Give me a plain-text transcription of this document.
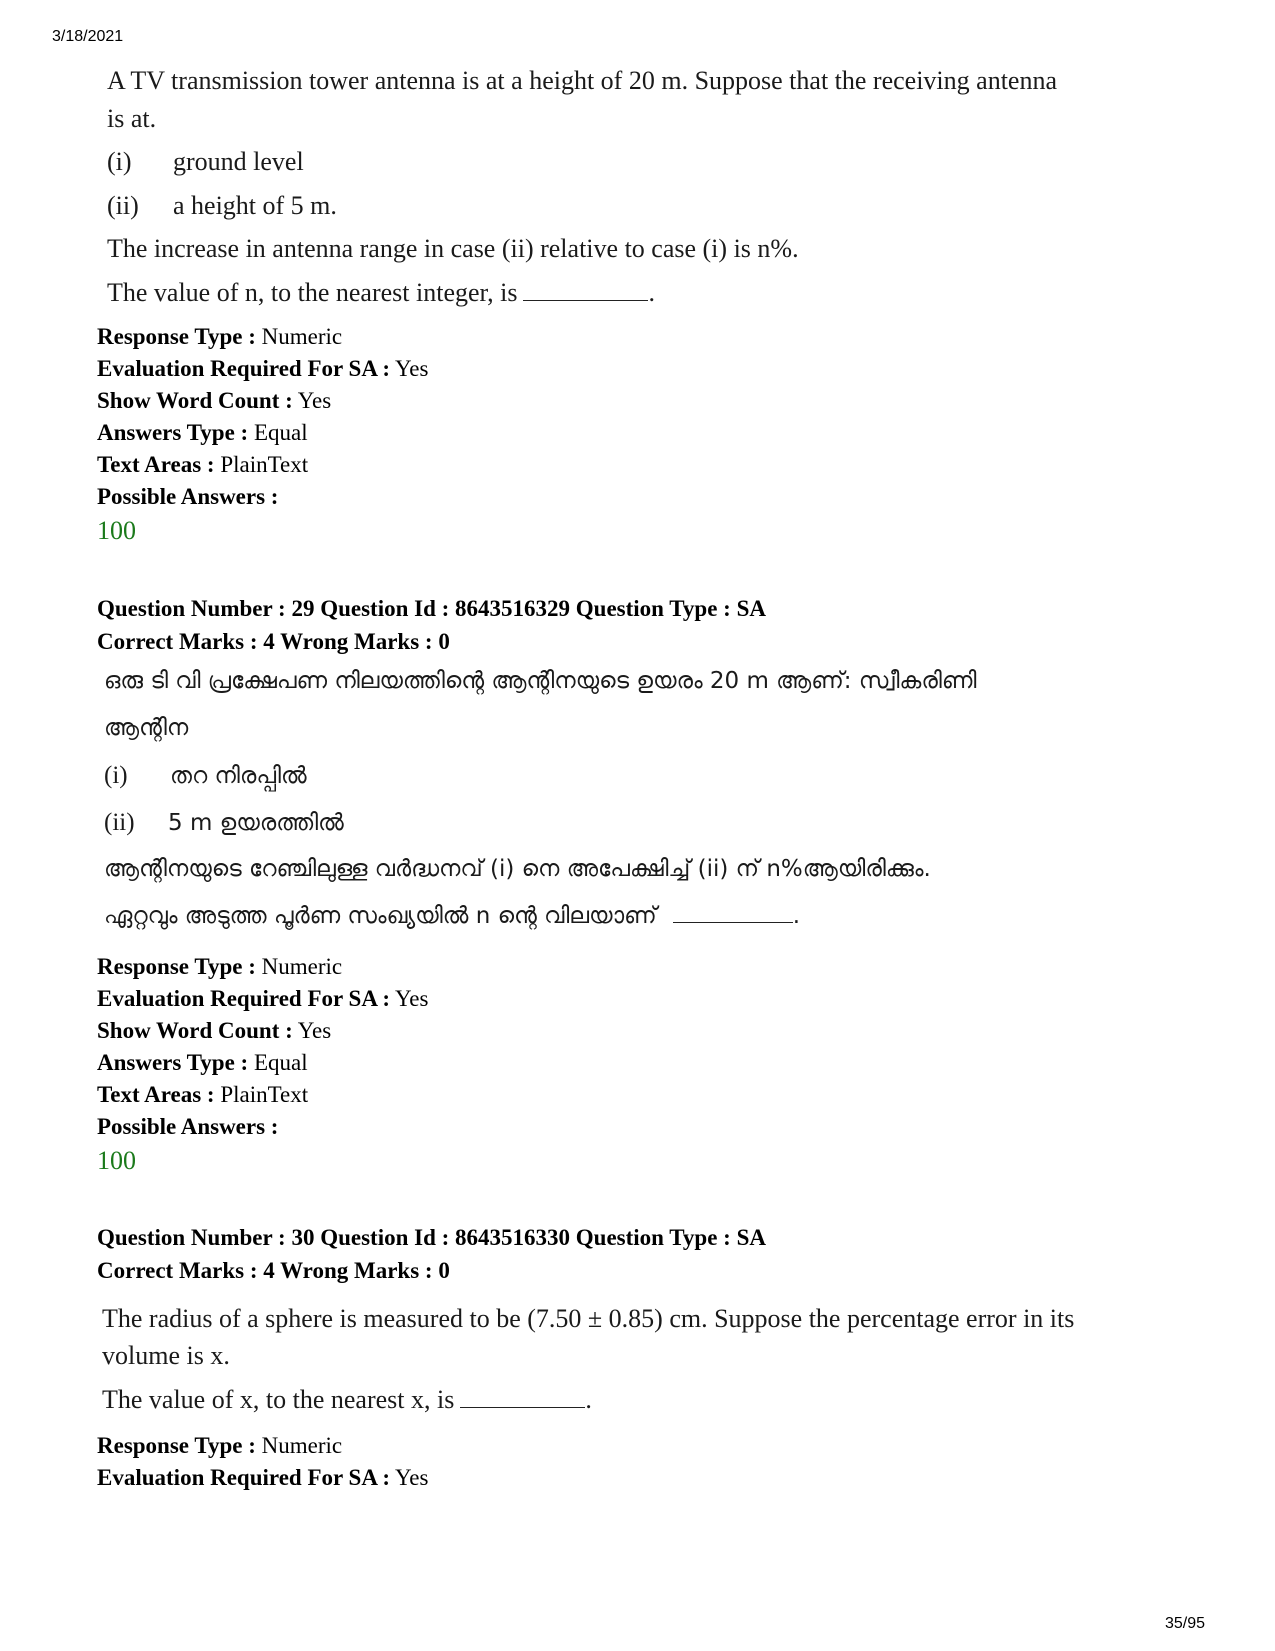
3/18/2021
A TV transmission tower antenna is at a height of 20 m. Suppose that the receiving antenna
is at.
(i) ground level
(ii) a height of 5 m.
The increase in antenna range in case (ii) relative to case (i) is n%.
The value of n, to the nearest integer, is	.
Response Type : Numeric
Evaluation Required For SA : Yes
Show Word Count : Yes
Answers Type : Equal
Text Areas : PlainText
Possible Answers :
100
Question Number : 29 Question Id : 8643516329 Question Type : SA
Correct Marks : 4 Wrong Marks : 0
ഒരു ടി വി പ്രക്ഷേപണ നിലയത്തിന്റെ ആന്റിനയുടെ ഉയരം 20 m ആണ്: സ്വീകരിണി
ആന്റിന
(i) തറ നിരപ്പിൽ
(ii) 5 m ഉയരത്തിൽ
ആന്റിനയുടെ റേഞ്ചിലുള്ള വർദ്ധനവ് (i) നെ അപേക്ഷിച്ച് (ii) ന് n%ആയിരിക്കും.
ഏറ്റവും അടുത്ത പൂർണ സംഖ്യയിൽ n ന്റെ വിലയാണ്	.
Response Type : Numeric
Evaluation Required For SA : Yes
Show Word Count : Yes
Answers Type : Equal
Text Areas : PlainText
Possible Answers :
100
Question Number : 30 Question Id : 8643516330 Question Type : SA
Correct Marks : 4 Wrong Marks : 0
The radius of a sphere is measured to be (7.50 ± 0.85) cm. Suppose the percentage error in its
volume is x.
The value of x, to the nearest x, is	.
Response Type : Numeric
Evaluation Required For SA : Yes
35/95
